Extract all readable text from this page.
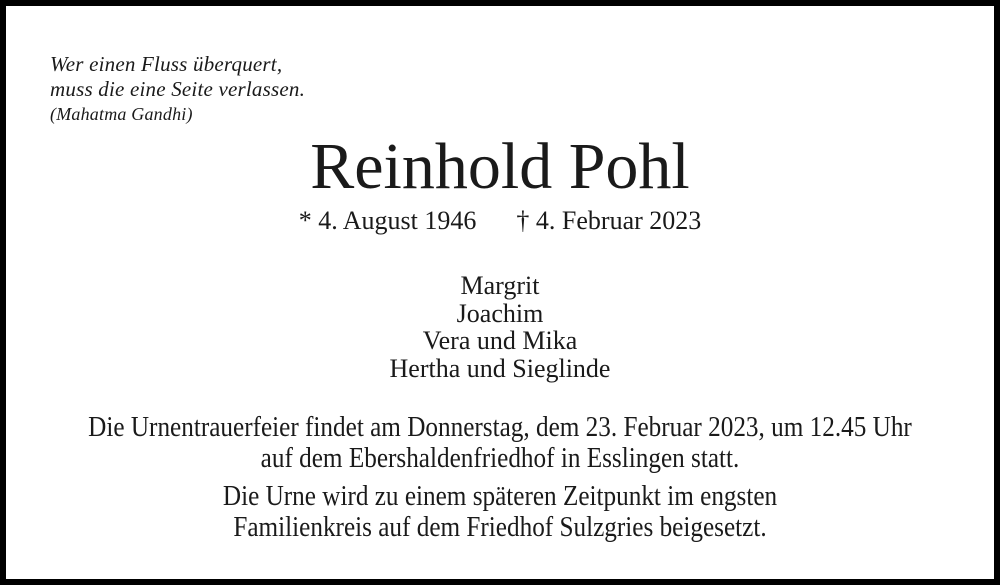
Wer einen Fluss überquert,
muss die eine Seite verlassen.
(Mahatma Gandhi)
Reinhold Pohl
* 4. August 1946 † 4. Februar 2023
Margrit
Joachim
Vera und Mika
Hertha und Sieglinde
Die Urnentrauerfeier findet am Donnerstag, dem 23. Februar 2023, um 12.45 Uhr
auf dem Ebershaldenfriedhof in Esslingen statt.
Die Urne wird zu einem späteren Zeitpunkt im engsten
Familienkreis auf dem Friedhof Sulzgries beigesetzt.
